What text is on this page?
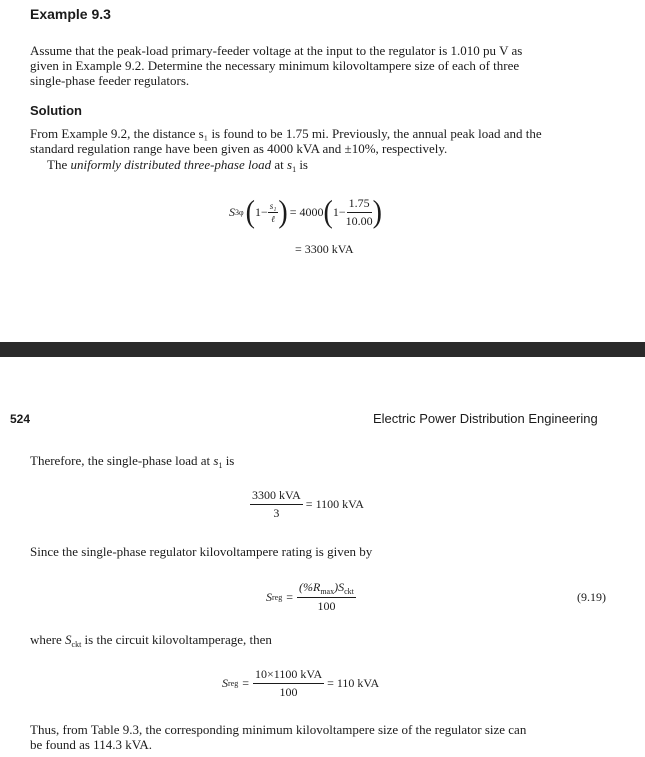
Example 9.3
Assume that the peak-load primary-feeder voltage at the input to the regulator is 1.010 pu V as
given in Example 9.2. Determine the necessary minimum kilovoltampere size of each of three
single-phase feeder regulators.
Solution
From Example 9.2, the distance s₁ is found to be 1.75 mi. Previously, the annual peak load and the
standard regulation range have been given as 4000 kVA and ±10%, respectively.
The uniformly distributed three-phase load at $s_1$ is
S 3φ ( $1- \frac{\text{s₁}}{\text{ℓ}}$ ) = 4000 ( $1- \frac{1.75}{10.00}$ )
= 3300 kVA
524	Electric Power Distribution Engineering
Therefore, the single-phase load at $s_1$ is
$\frac{\text{3300 kVA}}{3} = 1100$ kVA
Since the single-phase regulator kilovoltampere rating is given by
S reg = $\frac{(\%R_{max})S_{ckt}}{100}$	(9.19)
where $S_{ckt}$ is the circuit kilovoltamperage, then
S reg = $\frac{\text{10×1100 kVA}}{100} = 110$ kVA
Thus, from Table 9.3, the corresponding minimum kilovoltampere size of the regulator size can
be found as 114.3 kVA.
